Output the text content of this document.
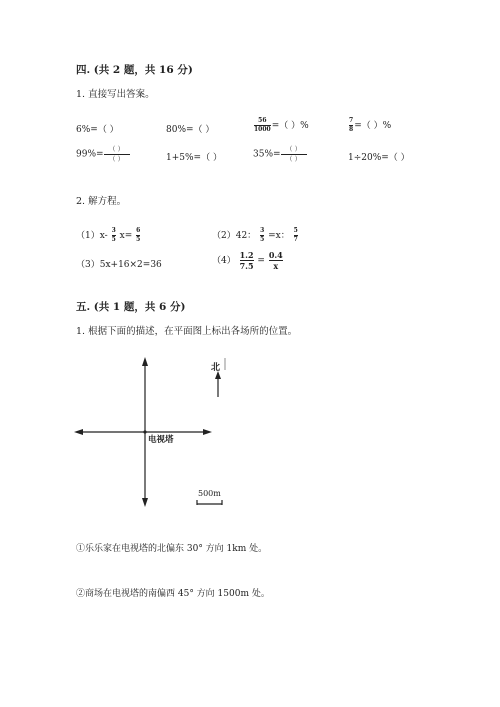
四. (共 2 题，共 16 分)
1. 直接写出答案。
6%=（ ）	80%=（ ）	$\frac{56}{1000}$ =（ ）%	$\frac{7}{8}$ =（ ）%
$99\%= \frac{( )}{( )}$	1+5%=（ ）	$35\%= \frac{( )}{( )}$	1÷20%=（ ）
2. 解方程。
$(1)x- \frac{3}{5} x= \frac{6}{5}$	（2）42： $\frac{3}{5} =x$： $\frac{5}{7}$
（3）5x+16×2=36	$(4) \frac{1.2}{7.5} = \frac{0.4}{x}$
五. (共 1 题，共 6 分)
1. 根据下面的描述，在平面图上标出各场所的位置。
北
电视塔
500m
①乐乐家在电视塔的北偏东 30° 方向 1km 处。
②商场在电视塔的南偏西 45° 方向 1500m 处。
